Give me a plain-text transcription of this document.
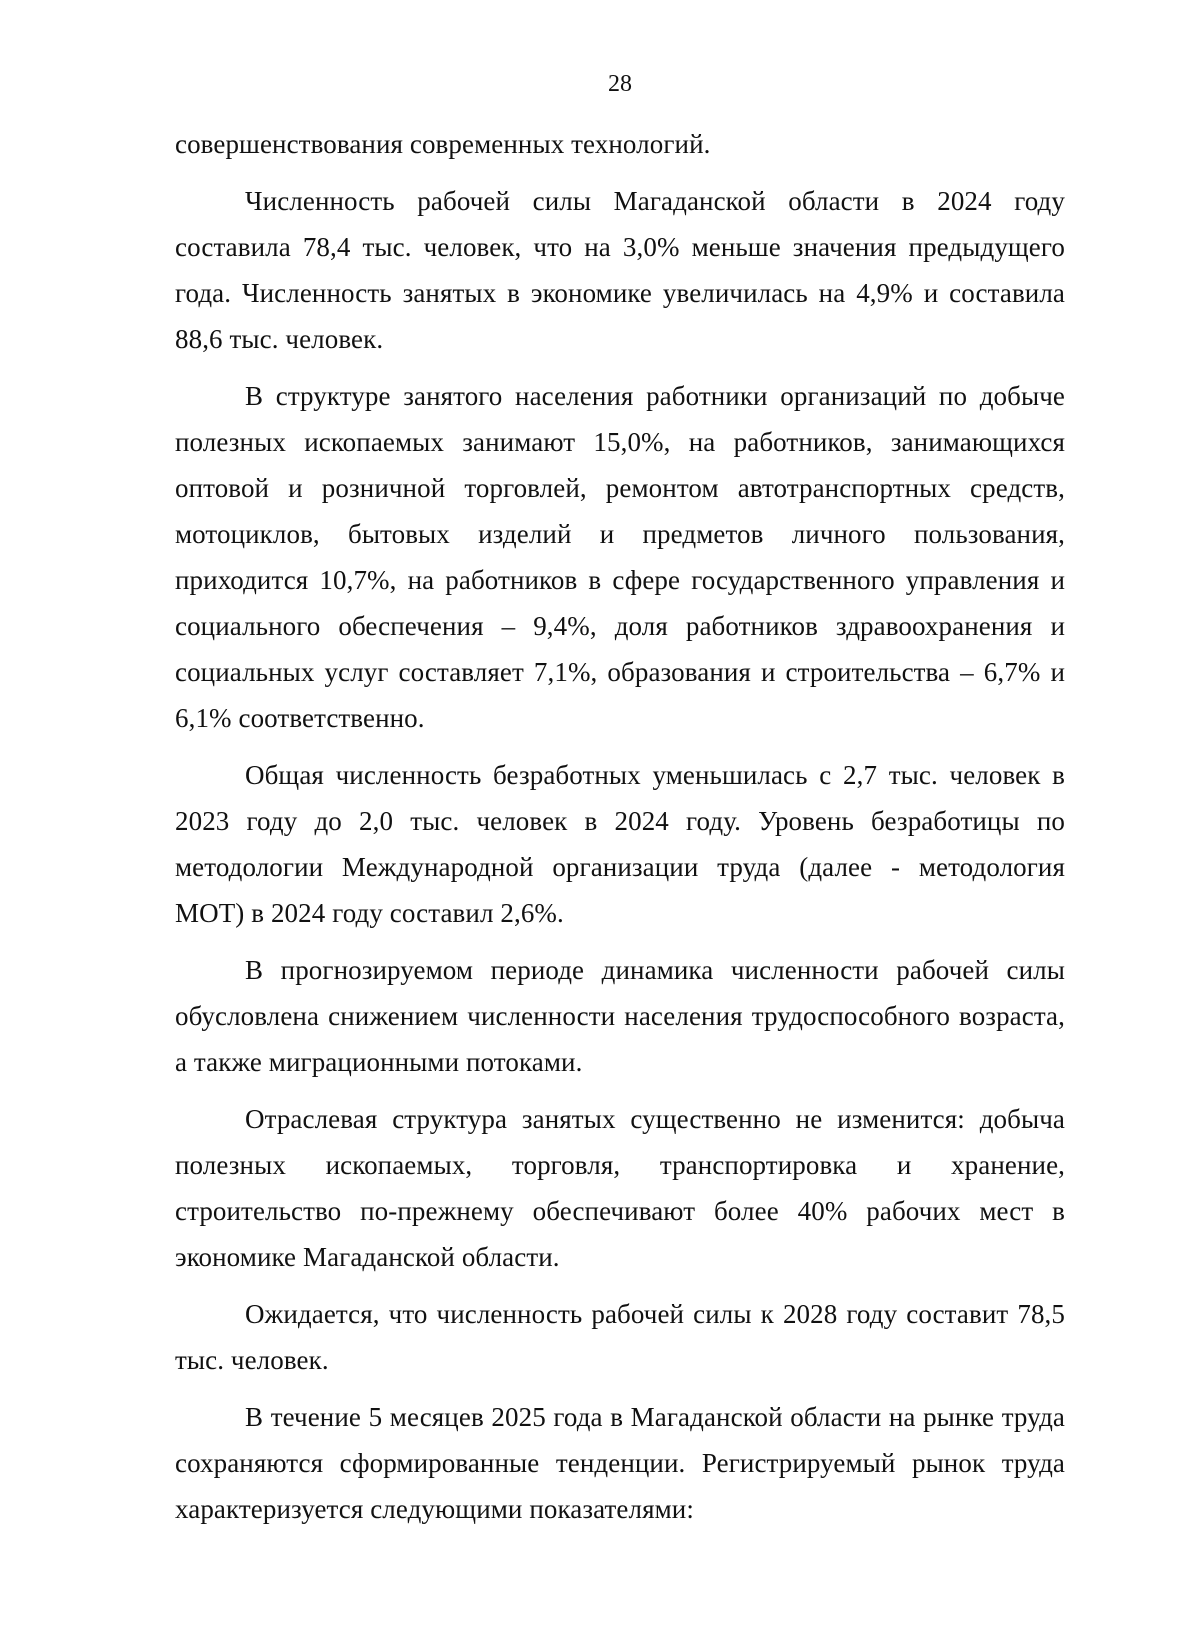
28

совершенствования современных технологий.

Численность рабочей силы Магаданской области в 2024 году составила 78,4 тыс. человек, что на 3,0% меньше значения предыдущего года. Численность занятых в экономике увеличилась на 4,9% и составила 88,6 тыс. человек.

В структуре занятого населения работники организаций по добыче полезных ископаемых занимают 15,0%, на работников, занимающихся оптовой и розничной торговлей, ремонтом автотранспортных средств, мотоциклов, бытовых изделий и предметов личного пользования, приходится 10,7%, на работников в сфере государственного управления и социального обеспечения – 9,4%, доля работников здравоохранения и социальных услуг составляет 7,1%, образования и строительства – 6,7% и 6,1% соответственно.

Общая численность безработных уменьшилась с 2,7 тыс. человек в 2023 году до 2,0 тыс. человек в 2024 году. Уровень безработицы по методологии Международной организации труда (далее - методология МОТ) в 2024 году составил 2,6%.

В прогнозируемом периоде динамика численности рабочей силы обусловлена снижением численности населения трудоспособного возраста, а также миграционными потоками.

Отраслевая структура занятых существенно не изменится: добыча полезных ископаемых, торговля, транспортировка и хранение, строительство по-прежнему обеспечивают более 40% рабочих мест в экономике Магаданской области.

Ожидается, что численность рабочей силы к 2028 году составит 78,5 тыс. человек.

В течение 5 месяцев 2025 года в Магаданской области на рынке труда сохраняются сформированные тенденции. Регистрируемый рынок труда характеризуется следующими показателями:
